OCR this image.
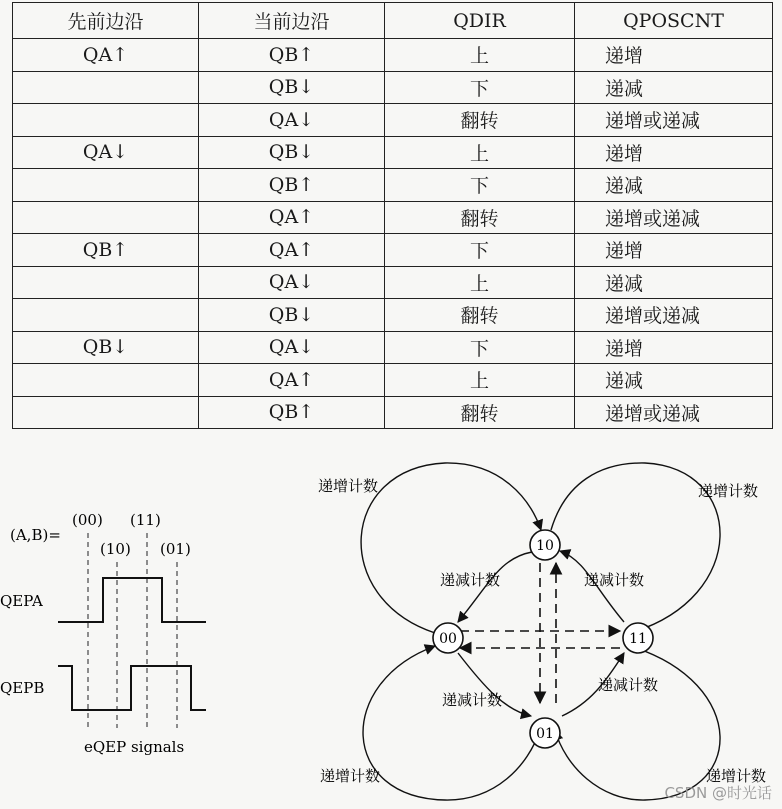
先前边沿	当前边沿	QDIR	QPOSCNT
QA↑	QB↑	上	递增
	QB↓	下	递减
	QA↓	翻转	递增或递减
QA↓	QB↓	上	递增
	QB↑	下	递减
	QA↑	翻转	递增或递减
QB↑	QA↑	下	递增
	QA↓	上	递减
	QB↓	翻转	递增或递减
QB↓	QA↓	下	递增
	QA↑	上	递减
	QB↑	翻转	递增或递减
(A,B)=
(00) (11)
(10) (01)
QEPA
QEPB
eQEP signals
10
00	11
01
递增计数	递增计数
递增计数	递增计数
递减计数	递减计数
递减计数
递减计数
CSDN @时光话
